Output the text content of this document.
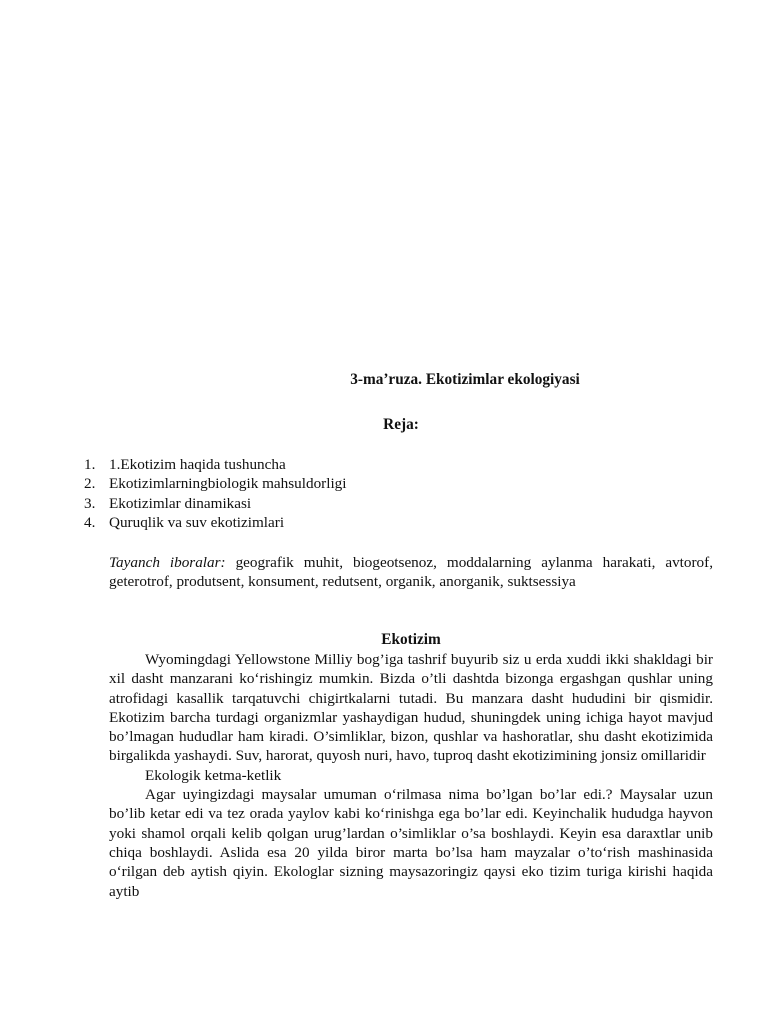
3-ma’ruza. Ekotizimlar ekologiyasi
Reja:
1. 1.Ekotizim haqida tushuncha
2. Ekotizimlarningbiologik mahsuldorligi
3. Ekotizimlar dinamikasi
4. Quruqlik va suv ekotizimlari
Tayanch iboralar: geografik muhit, biogeotsenoz, moddalarning aylanma harakati, avtorof, geterotrof, produtsent, konsument, redutsent, organik, anorganik, suktsessiya
Ekotizim

Wyomingdagi Yellowstone Milliy bog’iga tashrif buyurib siz u erda xuddi ikki shakldagi bir xil dasht manzarani ko‘rishingiz mumkin. Bizda o’tli dashtda bizonga ergashgan qushlar uning atrofidagi kasallik tarqatuvchi chigirtkalarni tutadi. Bu manzara dasht hududini bir qismidir. Ekotizim barcha turdagi organizmlar yashaydigan hudud, shuningdek uning ichiga hayot mavjud bo’lmagan hududlar ham kiradi. O’simliklar, bizon, qushlar va hashoratlar, shu dasht ekotizimida birgalikda yashaydi. Suv, harorat, quyosh nuri, havo, tuproq dasht ekotizimining jonsiz omillaridir

Ekologik ketma-ketlik

Agar uyingizdagi maysalar umuman o‘rilmasa nima bo’lgan bo’lar edi.? Maysalar uzun bo’lib ketar edi va tez orada yaylov kabi ko‘rinishga ega bo’lar edi. Keyinchalik hududga hayvon yoki shamol orqali kelib qolgan urug’lardan o’simliklar o’sa boshlaydi. Keyin esa daraxtlar unib chiqa boshlaydi. Aslida esa 20 yilda biror marta bo’lsa ham mayzalar o’to‘rish mashinasida o‘rilgan deb aytish qiyin. Ekologlar sizning maysazoringiz qaysi eko tizim turiga kirishi haqida aytib
